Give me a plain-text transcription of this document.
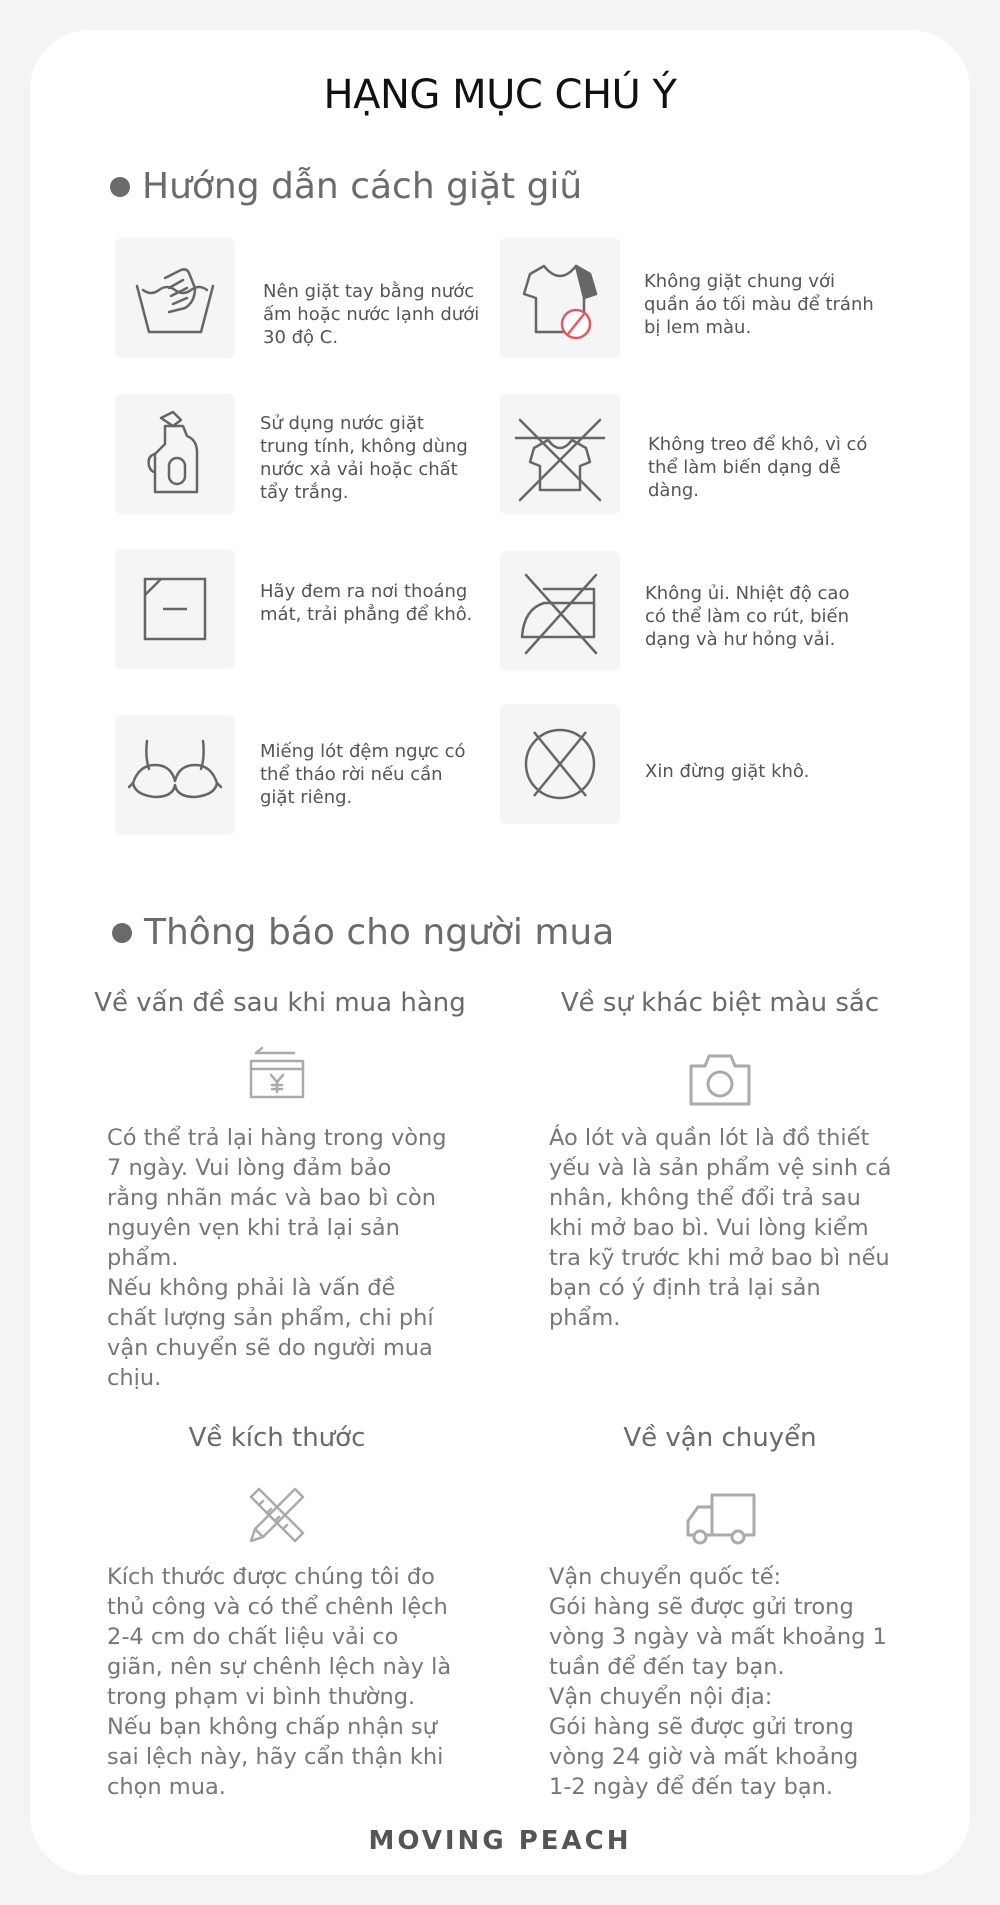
HẠNG MỤC CHÚ Ý
Hướng dẫn cách giặt giũ
Nên giặt tay bằng nước ấm hoặc nước lạnh dưới 30 độ C.
Không giặt chung với quần áo tối màu để tránh bị lem màu.
Sử dụng nước giặt trung tính, không dùng nước xả vải hoặc chất tẩy trắng.
Không treo để khô, vì có thể làm biến dạng dễ dàng.
Hãy đem ra nơi thoáng mát, trải phẳng để khô.
Không ủi. Nhiệt độ cao có thể làm co rút, biến dạng và hư hỏng vải.
Miếng lót đệm ngực có thể tháo rời nếu cần giặt riêng.
Xin đừng giặt khô.
Thông báo cho người mua
Về vấn đề sau khi mua hàng
Có thể trả lại hàng trong vòng
7 ngày. Vui lòng đảm bảo
rằng nhãn mác và bao bì còn
nguyên vẹn khi trả lại sản
phẩm.
Nếu không phải là vấn đề
chất lượng sản phẩm, chi phí
vận chuyển sẽ do người mua
chịu.
Về sự khác biệt màu sắc
Áo lót và quần lót là đồ thiết
yếu và là sản phẩm vệ sinh cá
nhân, không thể đổi trả sau
khi mở bao bì. Vui lòng kiểm
tra kỹ trước khi mở bao bì nếu
bạn có ý định trả lại sản
phẩm.
Về kích thước
Kích thước được chúng tôi đo
thủ công và có thể chênh lệch
2-4 cm do chất liệu vải co
giãn, nên sự chênh lệch này là
trong phạm vi bình thường.
Nếu bạn không chấp nhận sự
sai lệch này, hãy cẩn thận khi
chọn mua.
Về vận chuyển
Vận chuyển quốc tế:
Gói hàng sẽ được gửi trong
vòng 3 ngày và mất khoảng 1
tuần để đến tay bạn.
Vận chuyển nội địa:
Gói hàng sẽ được gửi trong
vòng 24 giờ và mất khoảng
1-2 ngày để đến tay bạn.
MOVING PEACH
